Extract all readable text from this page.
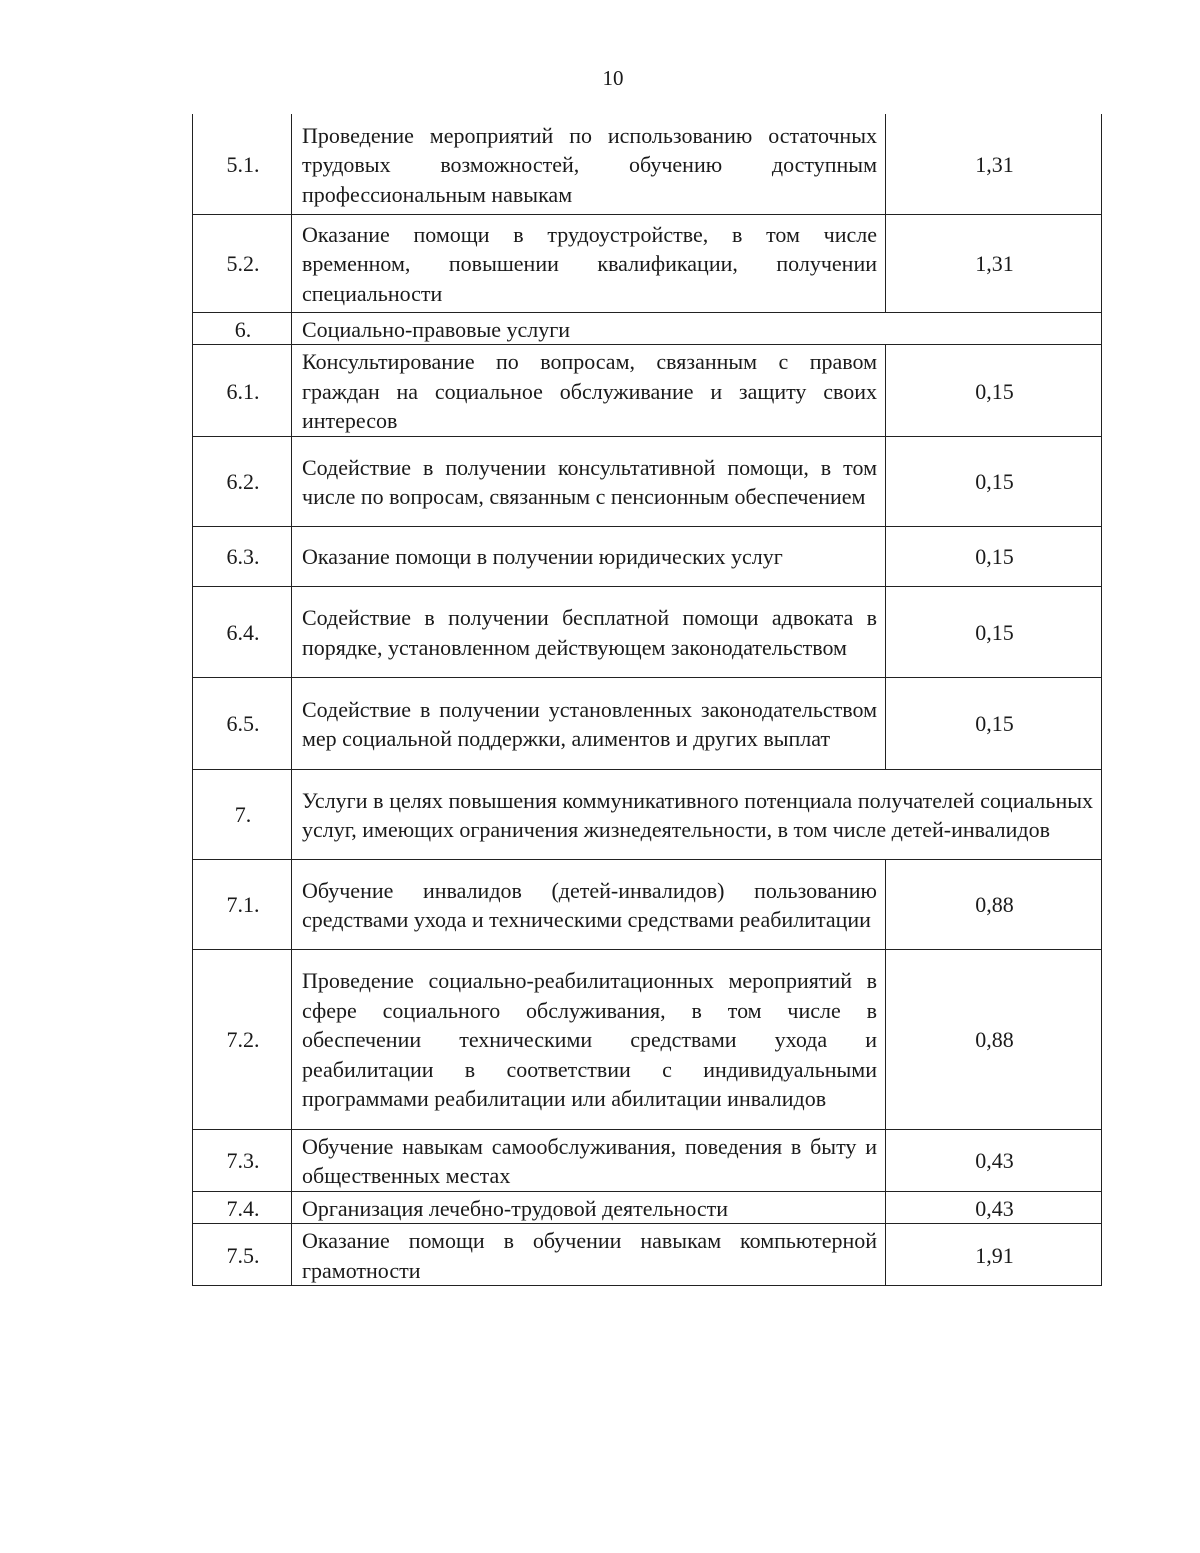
10
5.1.	Проведение мероприятий по использованию остаточных трудовых возможностей, обучению доступным профессиональным навыкам	1,31
5.2.	Оказание помощи в трудоустройстве, в том числе временном, повышении квалификации, получении специальности	1,31
6.	Социально-правовые услуги	
6.1.	Консультирование по вопросам, связанным с правом граждан на социальное обслуживание и защиту своих интересов	0,15
6.2.	Содействие в получении консультативной помощи, в том числе по вопросам, связанным с пенсионным обеспечением	0,15
6.3.	Оказание помощи в получении юридических услуг	0,15
6.4.	Содействие в получении бесплатной помощи адвоката в порядке, установленном действующем законодательством	0,15
6.5.	Содействие в получении установленных законодательством мер социальной поддержки, алиментов и других выплат	0,15
7.	Услуги в целях повышения коммуникативного потенциала получателей социальных услуг, имеющих ограничения жизнедеятельности, в том числе детей-инвалидов	
7.1.	Обучение инвалидов (детей-инвалидов) пользованию средствами ухода и техническими средствами реабилитации	0,88
7.2.	Проведение социально-реабилитационных мероприятий в сфере социального обслуживания, в том числе в обеспечении техническими средствами ухода и реабилитации в соответствии с индивидуальными программами реабилитации или абилитации инвалидов	0,88
7.3.	Обучение навыкам самообслуживания, поведения в быту и общественных местах	0,43
7.4.	Организация лечебно-трудовой деятельности	0,43
7.5.	Оказание помощи в обучении навыкам компьютерной грамотности	1,91
